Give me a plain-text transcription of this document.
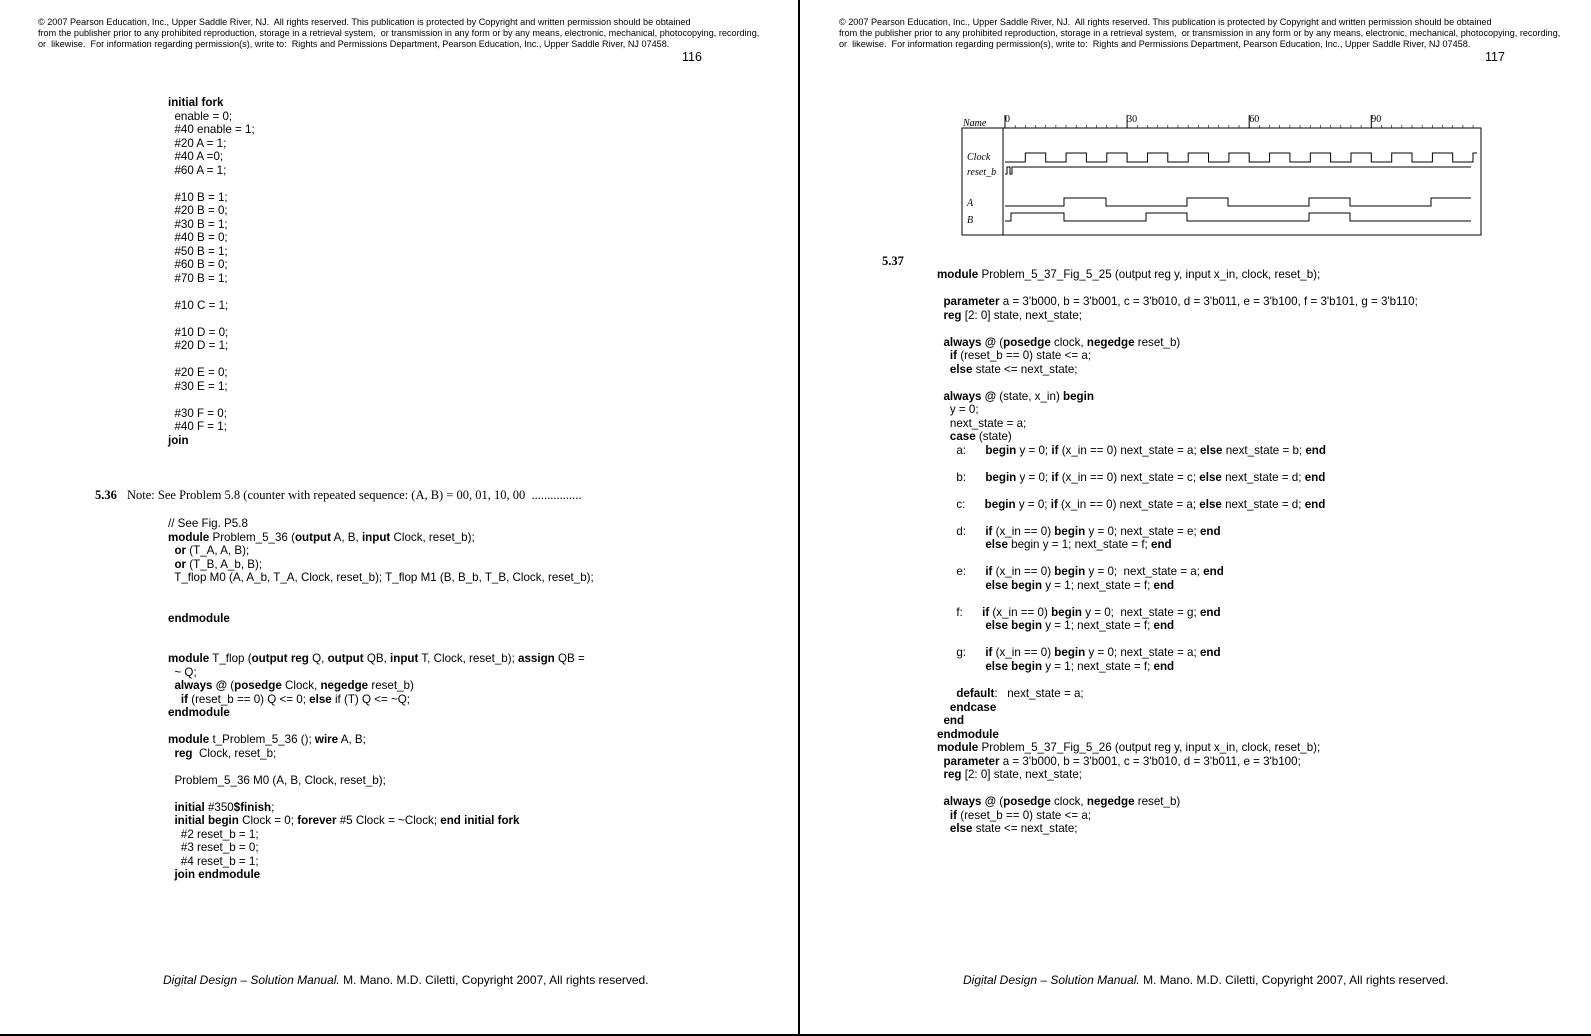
© 2007 Pearson Education, Inc., Upper Saddle River, NJ.  All rights reserved. This publication is protected by Copyright and written permission should be obtained
from the publisher prior to any prohibited reproduction, storage in a retrieval system,  or transmission in any form or by any means, electronic, mechanical, photocopying, recording,
or  likewise.  For information regarding permission(s), write to:  Rights and Permissions Department, Pearson Education, Inc., Upper Saddle River, NJ 07458.
116
initial fork
enable = 0;
#40 enable = 1;
#20 A = 1;
#40 A =0;
#60 A = 1;

#10 B = 1;
#20 B = 0;
#30 B = 1;
#40 B = 0;
#50 B = 1;
#60 B = 0;
#70 B = 1;

#10 C = 1;

#10 D = 0;
#20 D = 1;

#20 E = 0;
#30 E = 1;

#30 F = 0;
#40 F = 1;
join
5.36 Note: See Problem 5.8 (counter with repeated sequence: (A, B) = 00, 01, 10, 00  ................
// See Fig. P5.8
module Problem_5_36 (output A, B, input Clock, reset_b);
or (T_A, A, B);
or (T_B, A_b, B);
T_flop M0 (A, A_b, T_A, Clock, reset_b); T_flop M1 (B, B_b, T_B, Clock, reset_b);

endmodule

module T_flop (output reg Q, output QB, input T, Clock, reset_b); assign QB =
~ Q;
always @ (posedge Clock, negedge reset_b)
if (reset_b == 0) Q <= 0; else if (T) Q <= ~Q;
endmodule

module t_Problem_5_36 (); wire A, B;
reg  Clock, reset_b;

Problem_5_36 M0 (A, B, Clock, reset_b);

initial #350$finish;
initial begin Clock = 0; forever #5 Clock = ~Clock; end initial fork
#2 reset_b = 1;
#3 reset_b = 0;
#4 reset_b = 1;
join endmodule
Digital Design – Solution Manual. M. Mano. M.D. Ciletti, Copyright 2007, All rights reserved.
© 2007 Pearson Education, Inc., Upper Saddle River, NJ.  All rights reserved. This publication is protected by Copyright and written permission should be obtained
from the publisher prior to any prohibited reproduction, storage in a retrieval system,  or transmission in any form or by any means, electronic, mechanical, photocopying, recording,
or  likewise.  For information regarding permission(s), write to:  Rights and Permissions Department, Pearson Education, Inc., Upper Saddle River, NJ 07458.
117
Name 0	30	60	90
Clock
reset_b
A
B
5.37
module Problem_5_37_Fig_5_25 (output reg y, input x_in, clock, reset_b);

parameter a = 3'b000, b = 3'b001, c = 3'b010, d = 3'b011, e = 3'b100, f = 3'b101, g = 3'b110;
reg [2: 0] state, next_state;

always @ (posedge clock, negedge reset_b)
if (reset_b == 0) state <= a;
else state <= next_state;

always @ (state, x_in) begin
y = 0;
next_state = a;
case (state)
a:      begin y = 0; if (x_in == 0) next_state = a; else next_state = b; end

b:      begin y = 0; if (x_in == 0) next_state = c; else next_state = d; end

c:      begin y = 0; if (x_in == 0) next_state = a; else next_state = d; end

d:      if (x_in == 0) begin y = 0; next_state = e; end
else begin y = 1; next_state = f; end

e:      if (x_in == 0) begin y = 0;  next_state = a; end
else begin y = 1; next_state = f; end

f:      if (x_in == 0) begin y = 0;  next_state = g; end
else begin y = 1; next_state = f; end

g:      if (x_in == 0) begin y = 0; next_state = a; end
else begin y = 1; next_state = f; end

default:   next_state = a;
endcase
end
endmodule
module Problem_5_37_Fig_5_26 (output reg y, input x_in, clock, reset_b);
parameter a = 3'b000, b = 3'b001, c = 3'b010, d = 3'b011, e = 3'b100;
reg [2: 0] state, next_state;

always @ (posedge clock, negedge reset_b)
if (reset_b == 0) state <= a;
else state <= next_state;
Digital Design – Solution Manual. M. Mano. M.D. Ciletti, Copyright 2007, All rights reserved.
